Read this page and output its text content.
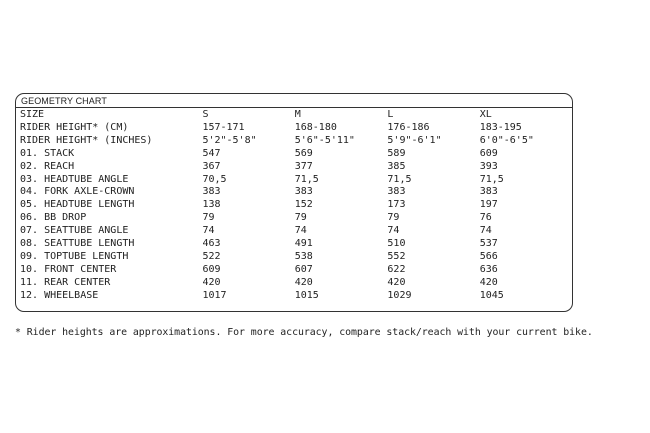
GEOMETRY CHART
SIZE	S	M	L	XL
RIDER HEIGHT* (CM)	157-171	168-180	176-186	183-195
RIDER HEIGHT* (INCHES)	5'2"-5'8"	5'6"-5'11"	5'9"-6'1"	6'0"-6'5"
01. STACK	547	569	589	609
02. REACH	367	377	385	393
03. HEADTUBE ANGLE	70,5	71,5	71,5	71,5
04. FORK AXLE-CROWN	383	383	383	383
05. HEADTUBE LENGTH	138	152	173	197
06. BB DROP	79	79	79	76
07. SEATTUBE ANGLE	74	74	74	74
08. SEATTUBE LENGTH	463	491	510	537
09. TOPTUBE LENGTH	522	538	552	566
10. FRONT CENTER	609	607	622	636
11. REAR CENTER	420	420	420	420
12. WHEELBASE	1017	1015	1029	1045
* Rider heights are approximations. For more accuracy, compare stack/reach with your current bike.
